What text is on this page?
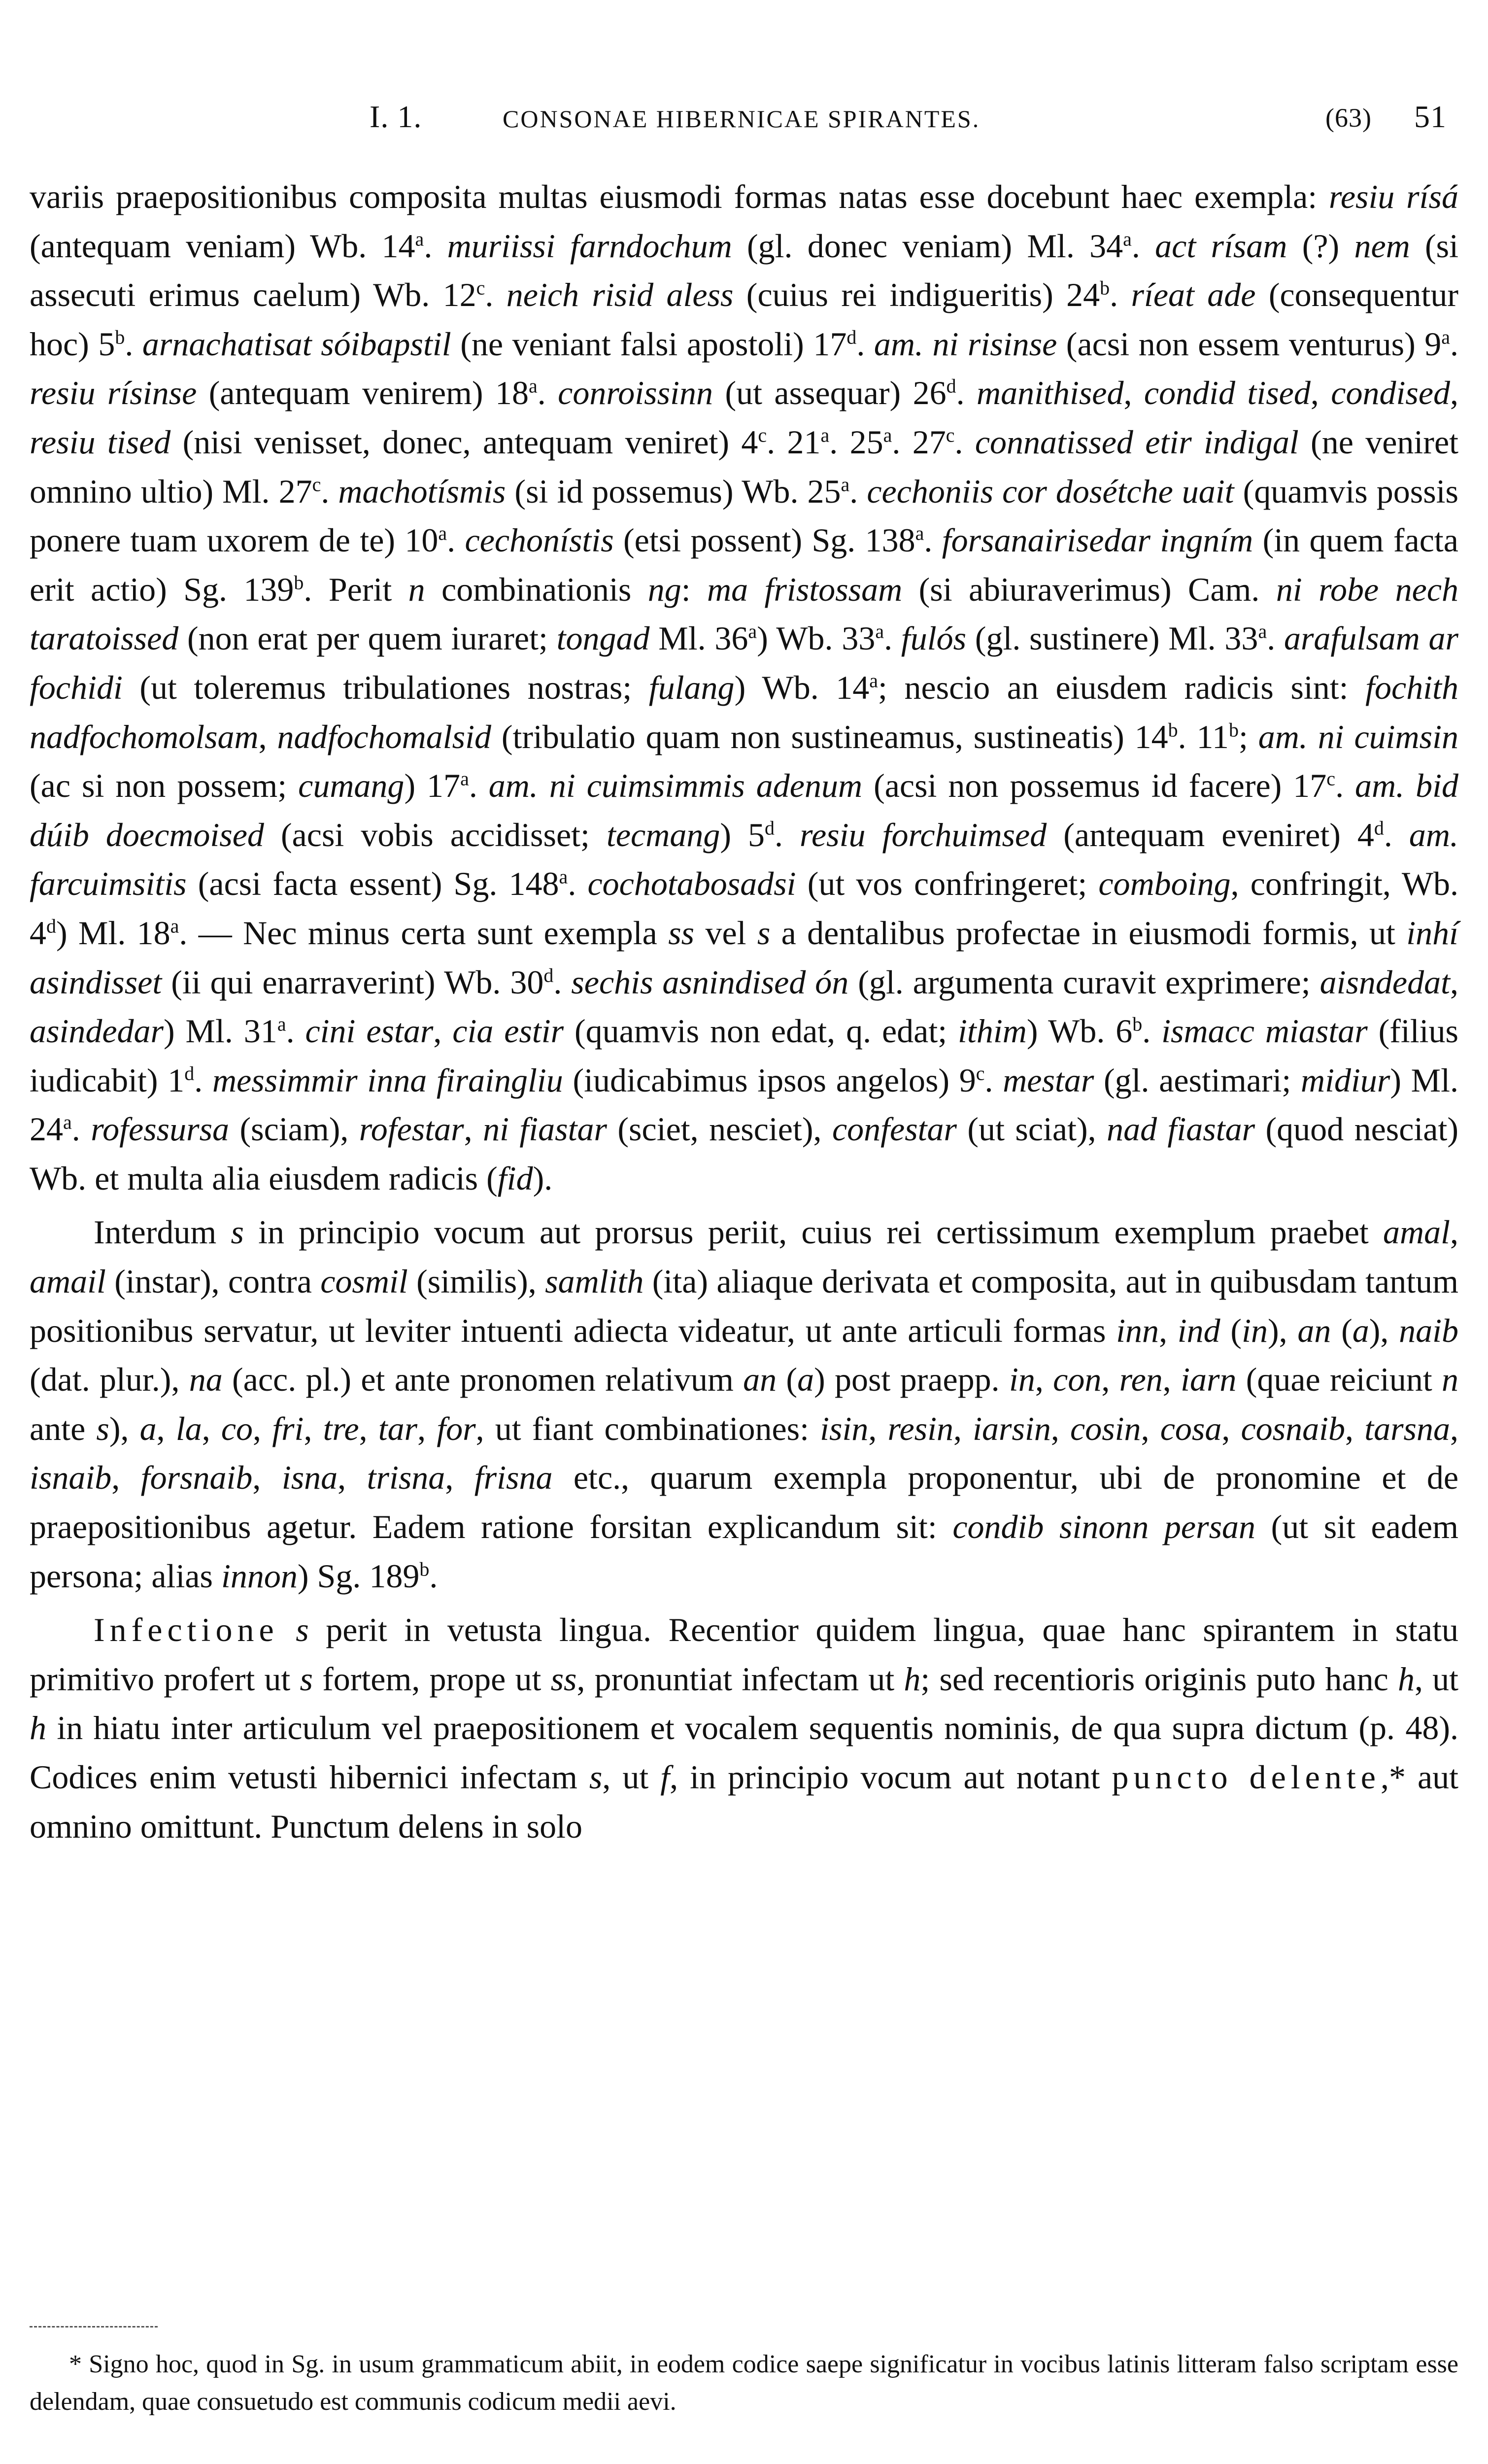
I. 1.	CONSONAE HIBERNICAE SPIRANTES.	(63) 51

variis praepositionibus composita multas eiusmodi formas natas esse docebunt haec exempla: resiu rísá (antequam veniam) Wb. 14$^a$. muriissi farndochum (gl. donec veniam) Ml. 34$^a$. act rísam (?) nem (si assecuti erimus caelum) Wb. 12$^c$. neich risid aless (cuius rei indigueritis) 24$^b$. ríeat ade (consequentur hoc) 5$^b$. arnachatisat sóibapstil (ne veniant falsi apostoli) 17$^d$. am. ni risinse (acsi non essem venturus) 9$^a$. resiu rísinse (antequam venirem) 18$^a$. conroissinn (ut assequar) 26$^d$. manithised, condid tised, condised, resiu tised (nisi venisset, donec, antequam veniret) 4$^c$. 21$^a$. 25$^a$. 27$^c$. connatissed etir indigal (ne veniret omnino ultio) Ml. 27$^c$. machotísmis (si id possemus) Wb. 25$^a$. cechoniis cor dosétche uait (quamvis possis ponere tuam uxorem de te) 10$^a$. cechonístis (etsi possent) Sg. 138$^a$. forsanairisedar ingním (in quem facta erit actio) Sg. 139$^b$. Perit n combinationis ng: ma fristossam (si abiuraverimus) Cam. ni robe nech taratoissed (non erat per quem iuraret; tongad Ml. 36$^a$) Wb. 33$^a$. fulós (gl. sustinere) Ml. 33$^a$. arafulsam ar fochidi (ut toleremus tribulationes nostras; fulang) Wb. 14$^a$; nescio an eiusdem radicis sint: fochith nadfochomolsam, nadfochomalsid (tribulatio quam non sustineamus, sustineatis) 14$^b$. 11$^b$; am. ni cuimsin (ac si non possem; cumang) 17$^a$. am. ni cuimsimmis adenum (acsi non possemus id facere) 17$^c$. am. bid dúib doecmoised (acsi vobis accidisset; tecmang) 5$^d$. resiu forchuimsed (antequam eveniret) 4$^d$. am. farcuimsitis (acsi facta essent) Sg. 148$^a$. cochotabosadsi (ut vos confringeret; comboing, confringit, Wb. 4$^d$) Ml. 18$^a$. — Nec minus certa sunt exempla ss vel s a dentalibus profectae in eiusmodi formis, ut inhí asindisset (ii qui enarraverint) Wb. 30$^d$. sechis asnindised ón (gl. argumenta curavit exprimere; aisndedat, asindedar) Ml. 31$^a$. cini estar, cia estir (quamvis non edat, q. edat; ithim) Wb. 6$^b$. ismacc miastar (filius iudicabit) 1$^d$. messimmir inna firaingliu (iudicabimus ipsos angelos) 9$^c$. mestar (gl. aestimari; midiur) Ml. 24$^a$. rofessursa (sciam), rofestar, ni fiastar (sciet, nesciet), confestar (ut sciat), nad fiastar (quod nesciat) Wb. et multa alia eiusdem radicis (fid).

Interdum s in principio vocum aut prorsus periit, cuius rei certissimum exemplum praebet amal, amail (instar), contra cosmil (similis), samlith (ita) aliaque derivata et composita, aut in quibusdam tantum positionibus servatur, ut leviter intuenti adiecta videatur, ut ante articuli formas inn, ind (in), an (a), naib (dat. plur.), na (acc. pl.) et ante pronomen relativum an (a) post praepp. in, con, ren, iarn (quae reiciunt n ante s), a, la, co, fri, tre, tar, for, ut fiant combinationes: isin, resin, iarsin, cosin, cosa, cosnaib, tarsna, isnaib, forsnaib, isna, trisna, frisna etc., quarum exempla proponentur, ubi de pronomine et de praepositionibus agetur. Eadem ratione forsitan explicandum sit: condib sinonn persan (ut sit eadem persona; alias innon) Sg. 189$^b$.

Infectione s perit in vetusta lingua. Recentior quidem lingua, quae hanc spirantem in statu primitivo profert ut s fortem, prope ut ss, pronuntiat infectam ut h; sed recentioris originis puto hanc h, ut h in hiatu inter articulum vel praepositionem et vocalem sequentis nominis, de qua supra dictum (p. 48). Codices enim vetusti hibernici infectam s, ut f, in principio vocum aut notant puncto delente,* aut omnino omittunt. Punctum delens in solo

* Signo hoc, quod in Sg. in usum grammaticum abiit, in eodem codice saepe significatur in vocibus latinis litteram falso scriptam esse delendam, quae consuetudo est communis codicum medii aevi.
